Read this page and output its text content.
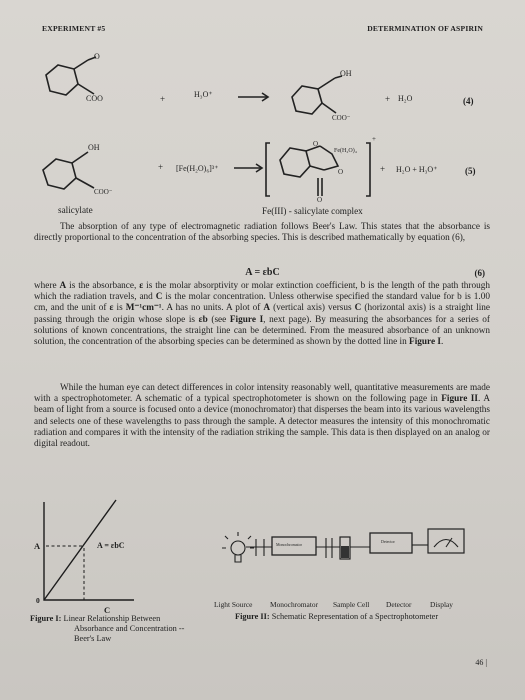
EXPERIMENT #5	DETERMINATION OF ASPIRIN
O
COO	+	H₃O⁺
OH
COO⁻
+ H₂O	(4)
OH
COO⁻
+ [Fe(H₂O)₆]³⁺
O
Fe(H₂O)₄
O
O
+
+ H₂O + H₃O⁺	(5)
salicylate	Fe(III) - salicylate complex

The absorption of any type of electromagnetic radiation follows Beer's Law. This states that the absorbance is directly proportional to the concentration of the absorbing species. This is described mathematically by equation (6),

A = εbC	(6)

where A is the absorbance, ε is the molar absorptivity or molar extinction coefficient, b is the length of the path through which the radiation travels, and C is the molar concentration. Unless otherwise specified the standard value for b is 1.00 cm, and the unit of ε is M⁻¹cm⁻¹. A has no units. A plot of A (vertical axis) versus C (horizontal axis) is a straight line passing through the origin whose slope is εb (see Figure I, next page). By measuring the absorbances for a series of solutions of known concentrations, the straight line can be determined. From the measured absorbance of an unknown solution, the concentration of the absorbing species can be determined as shown by the dotted line in Figure I.

While the human eye can detect differences in color intensity reasonably well, quantitative measurements are made with a spectrophotometer. A schematic of a typical spectrophotometer is shown on the following page in Figure II. A beam of light from a source is focused onto a device (monochromator) that disperses the beam into its various wavelengths and selects one of these wavelengths to pass through the sample. A detector measures the intensity of this monochromatic radiation and compares it with the intensity of the radiation striking the sample. This data is then displayed on an analog or digital readout.

A	A = εbC
0
C
Figure I: Linear Relationship Between
Absorbance and Concentration --
Beer's Law
Monochromator
Detector
Light Source Monochromator Sample Cell Detector	Display
Figure II: Schematic Representation of a Spectrophotometer
46 |
